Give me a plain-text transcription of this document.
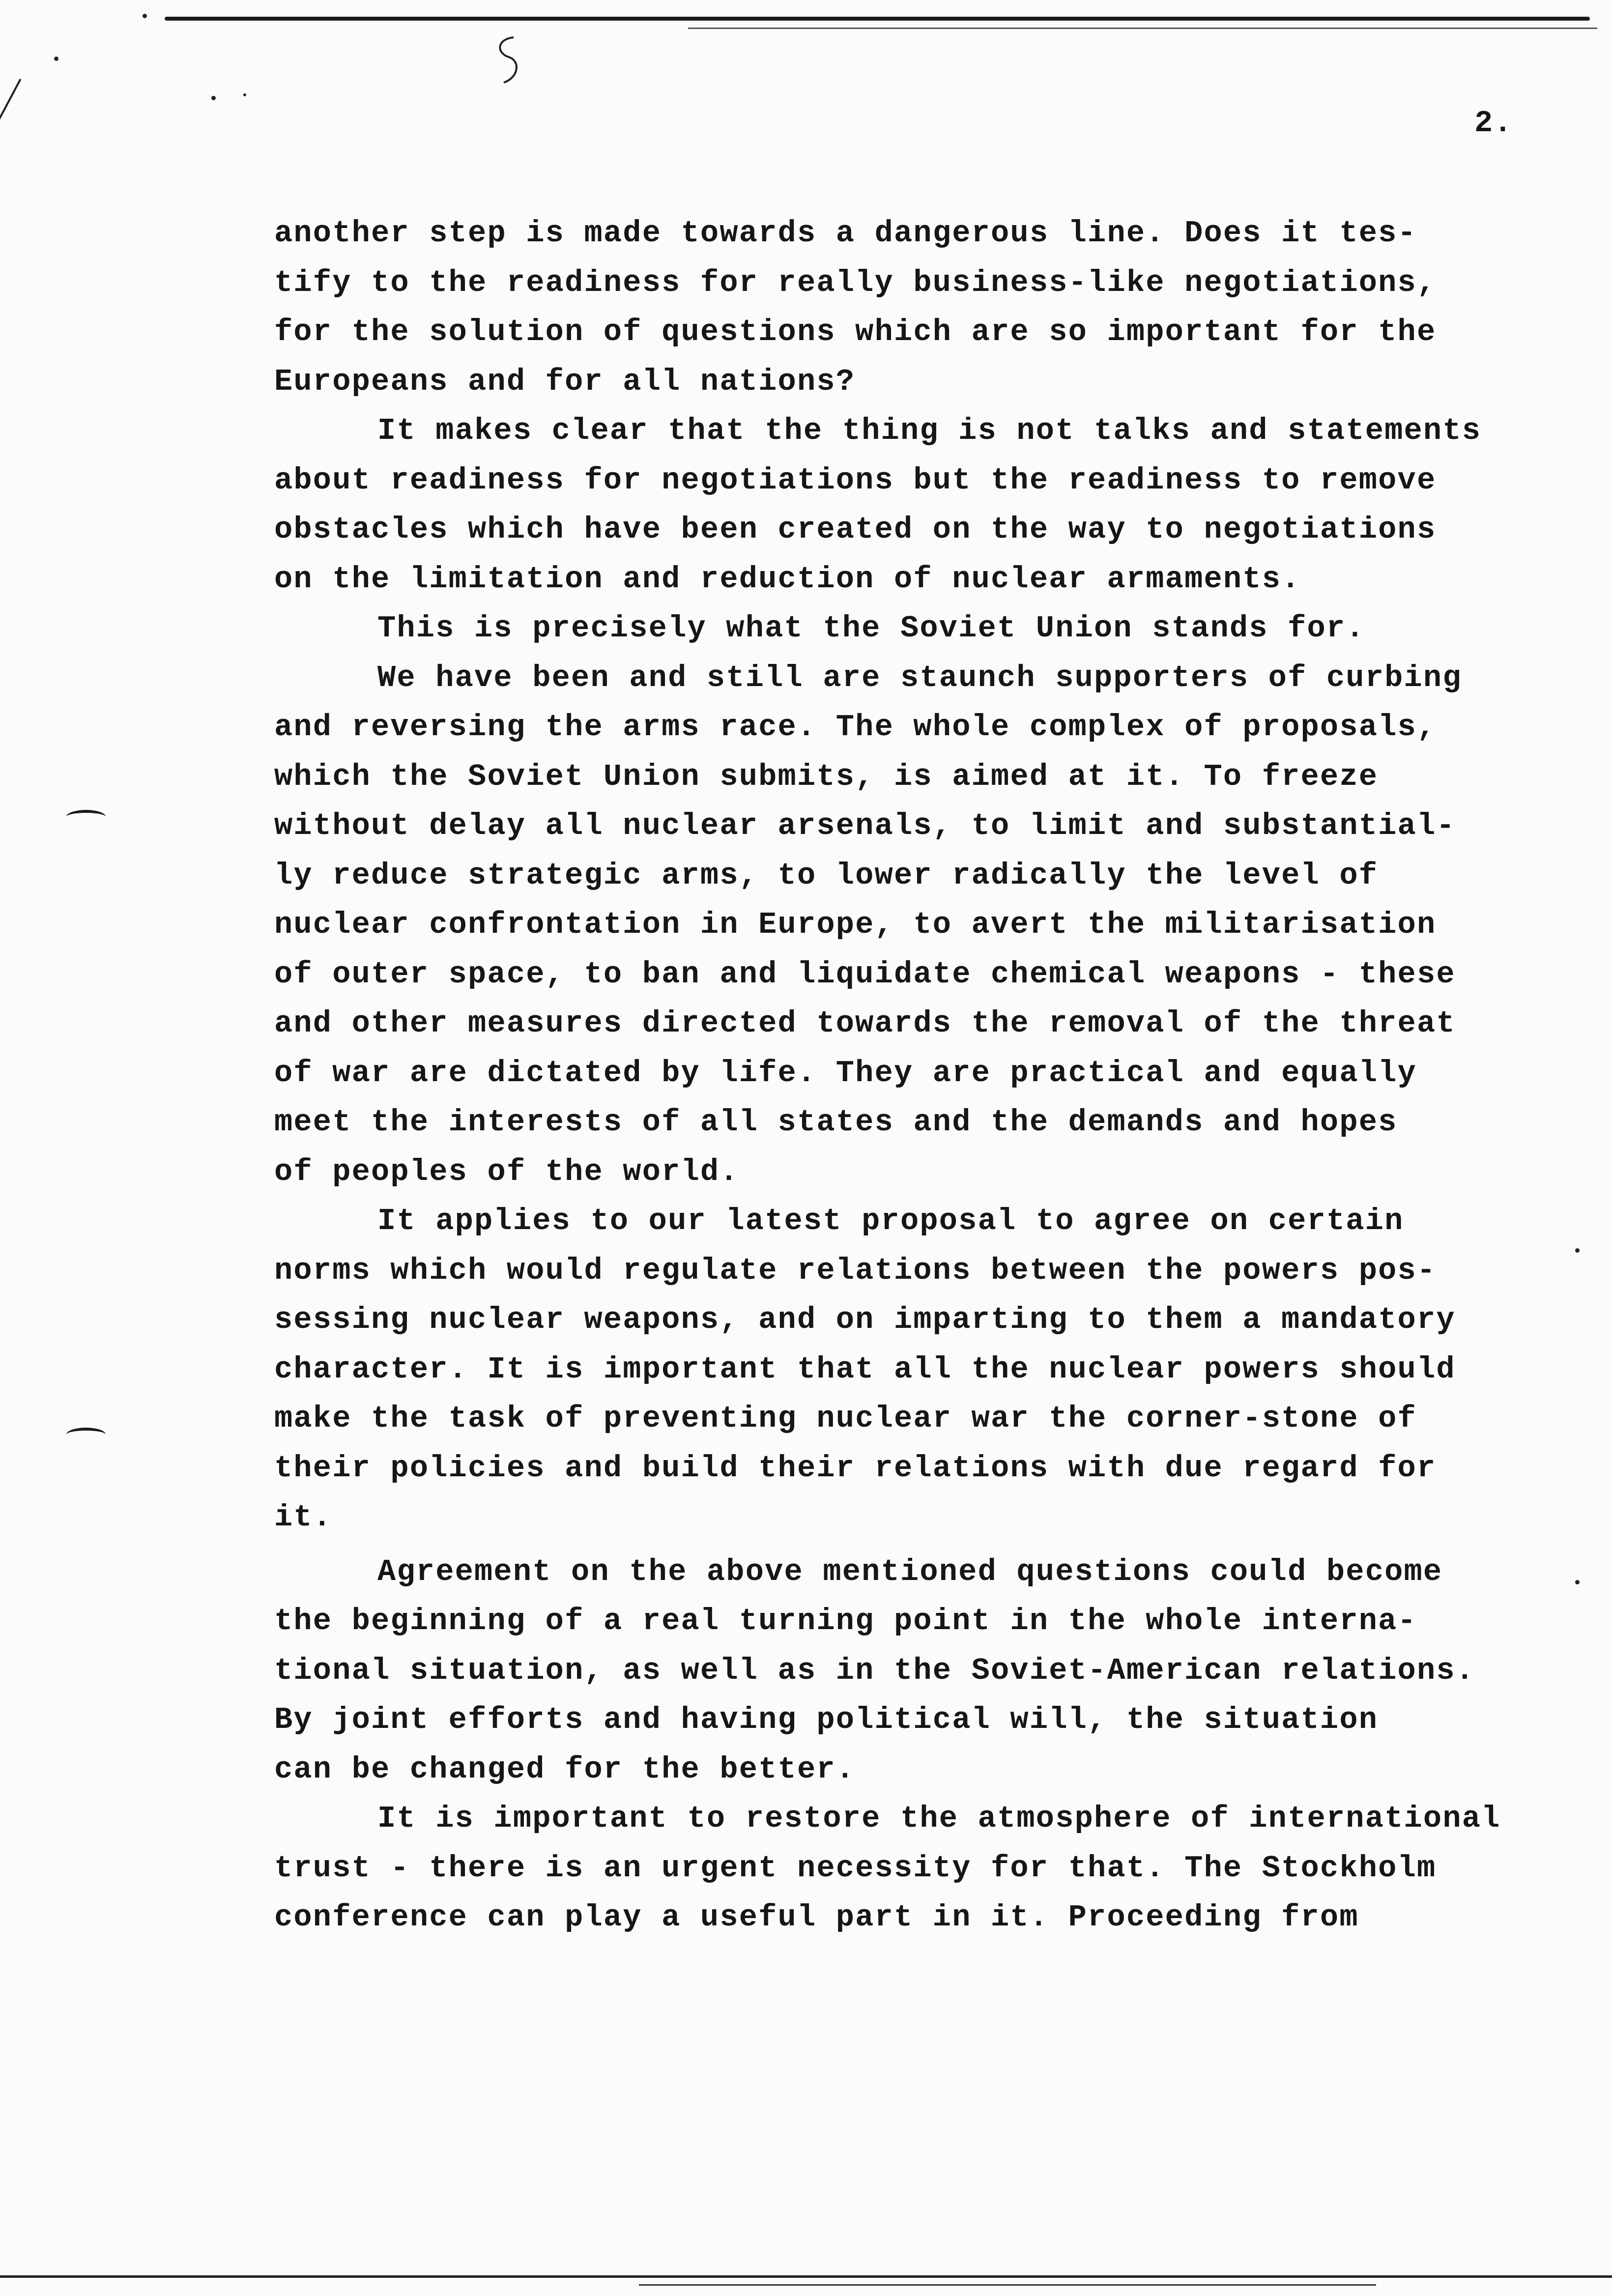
2.

another step is made towards a dangerous line. Does it tes-
tify to the readiness for really business-like negotiations,
for the solution of questions which are so important for the
Europeans and for all nations?

It makes clear that the thing is not talks and statements
about readiness for negotiations but the readiness to remove
obstacles which have been created on the way to negotiations
on the limitation and reduction of nuclear armaments.

This is precisely what the Soviet Union stands for.

We have been and still are staunch supporters of curbing
and reversing the arms race. The whole complex of proposals,
which the Soviet Union submits, is aimed at it. To freeze
without delay all nuclear arsenals, to limit and substantial-
ly reduce strategic arms, to lower radically the level of
nuclear confrontation in Europe, to avert the militarisation
of outer space, to ban and liquidate chemical weapons - these
and other measures directed towards the removal of the threat
of war are dictated by life. They are practical and equally
meet the interests of all states and the demands and hopes
of peoples of the world.

It applies to our latest proposal to agree on certain
norms which would regulate relations between the powers pos-
sessing nuclear weapons, and on imparting to them a mandatory
character. It is important that all the nuclear powers should
make the task of preventing nuclear war the corner-stone of
their policies and build their relations with due regard for
it.

Agreement on the above mentioned questions could become
the beginning of a real turning point in the whole interna-
tional situation, as well as in the Soviet-American relations.
By joint efforts and having political will, the situation
can be changed for the better.

It is important to restore the atmosphere of international
trust - there is an urgent necessity for that. The Stockholm
conference can play a useful part in it. Proceeding from
